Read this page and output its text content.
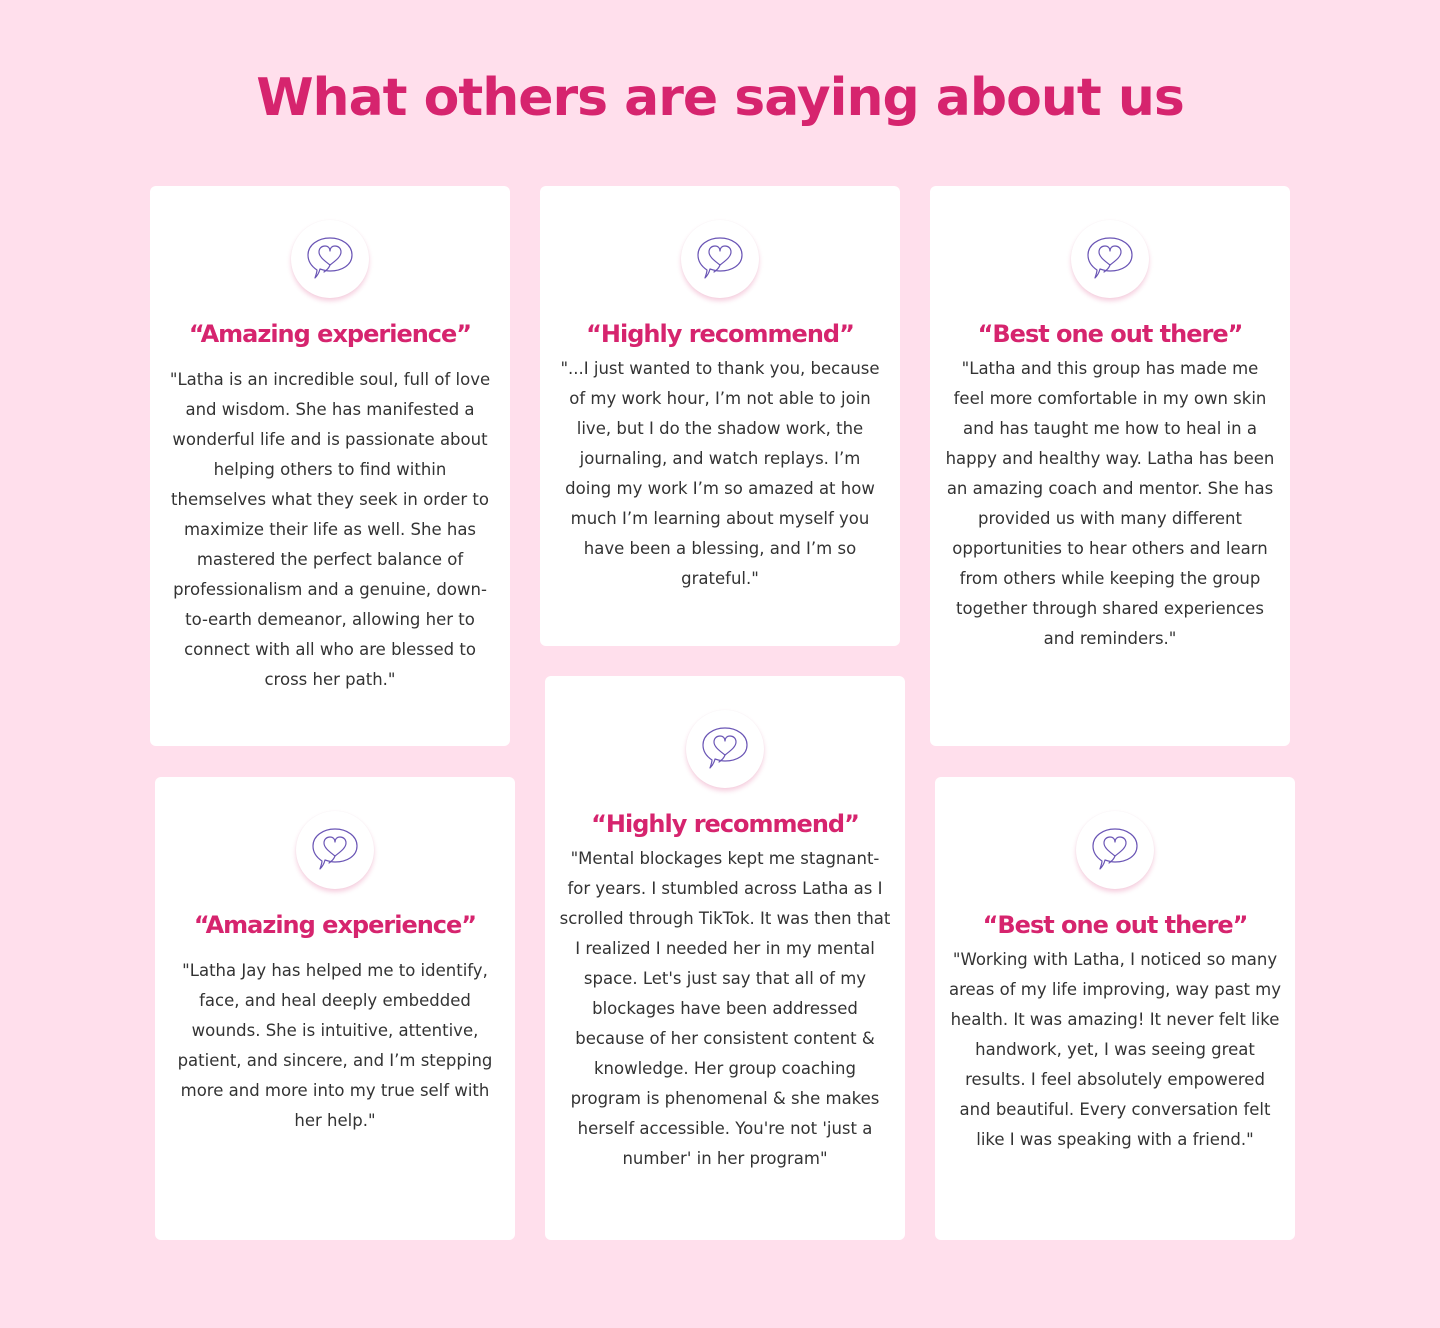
What others are saying about us

“Amazing experience”

"Latha is an incredible soul, full of love and wisdom. She has manifested a wonderful life and is passionate about helping others to find within themselves what they seek in order to maximize their life as well. She has mastered the perfect balance of professionalism and a genuine, down-to-earth demeanor, allowing her to connect with all who are blessed to cross her path."

“Highly recommend”

"...I just wanted to thank you, because of my work hour, I’m not able to join live, but I do the shadow work, the journaling, and watch replays. I’m doing my work I’m so amazed at how much I’m learning about myself you have been a blessing, and I’m so grateful."

“Best one out there”

"Latha and this group has made me feel more comfortable in my own skin and has taught me how to heal in a happy and healthy way. Latha has been an amazing coach and mentor. She has provided us with many different opportunities to hear others and learn from others while keeping the group together through shared experiences and reminders."

“Amazing experience”

"Latha Jay has helped me to identify, face, and heal deeply embedded wounds. She is intuitive, attentive, patient, and sincere, and I’m stepping more and more into my true self with her help."

“Highly recommend”

"Mental blockages kept me stagnant- for years. I stumbled across Latha as I scrolled through TikTok. It was then that I realized I needed her in my mental space. Let's just say that all of my blockages have been addressed because of her consistent content & knowledge. Her group coaching program is phenomenal & she makes herself accessible. You're not 'just a number' in her program"

“Best one out there”

"Working with Latha, I noticed so many areas of my life improving, way past my health. It was amazing! It never felt like handwork, yet, I was seeing great results. I feel absolutely empowered and beautiful. Every conversation felt like I was speaking with a friend."
